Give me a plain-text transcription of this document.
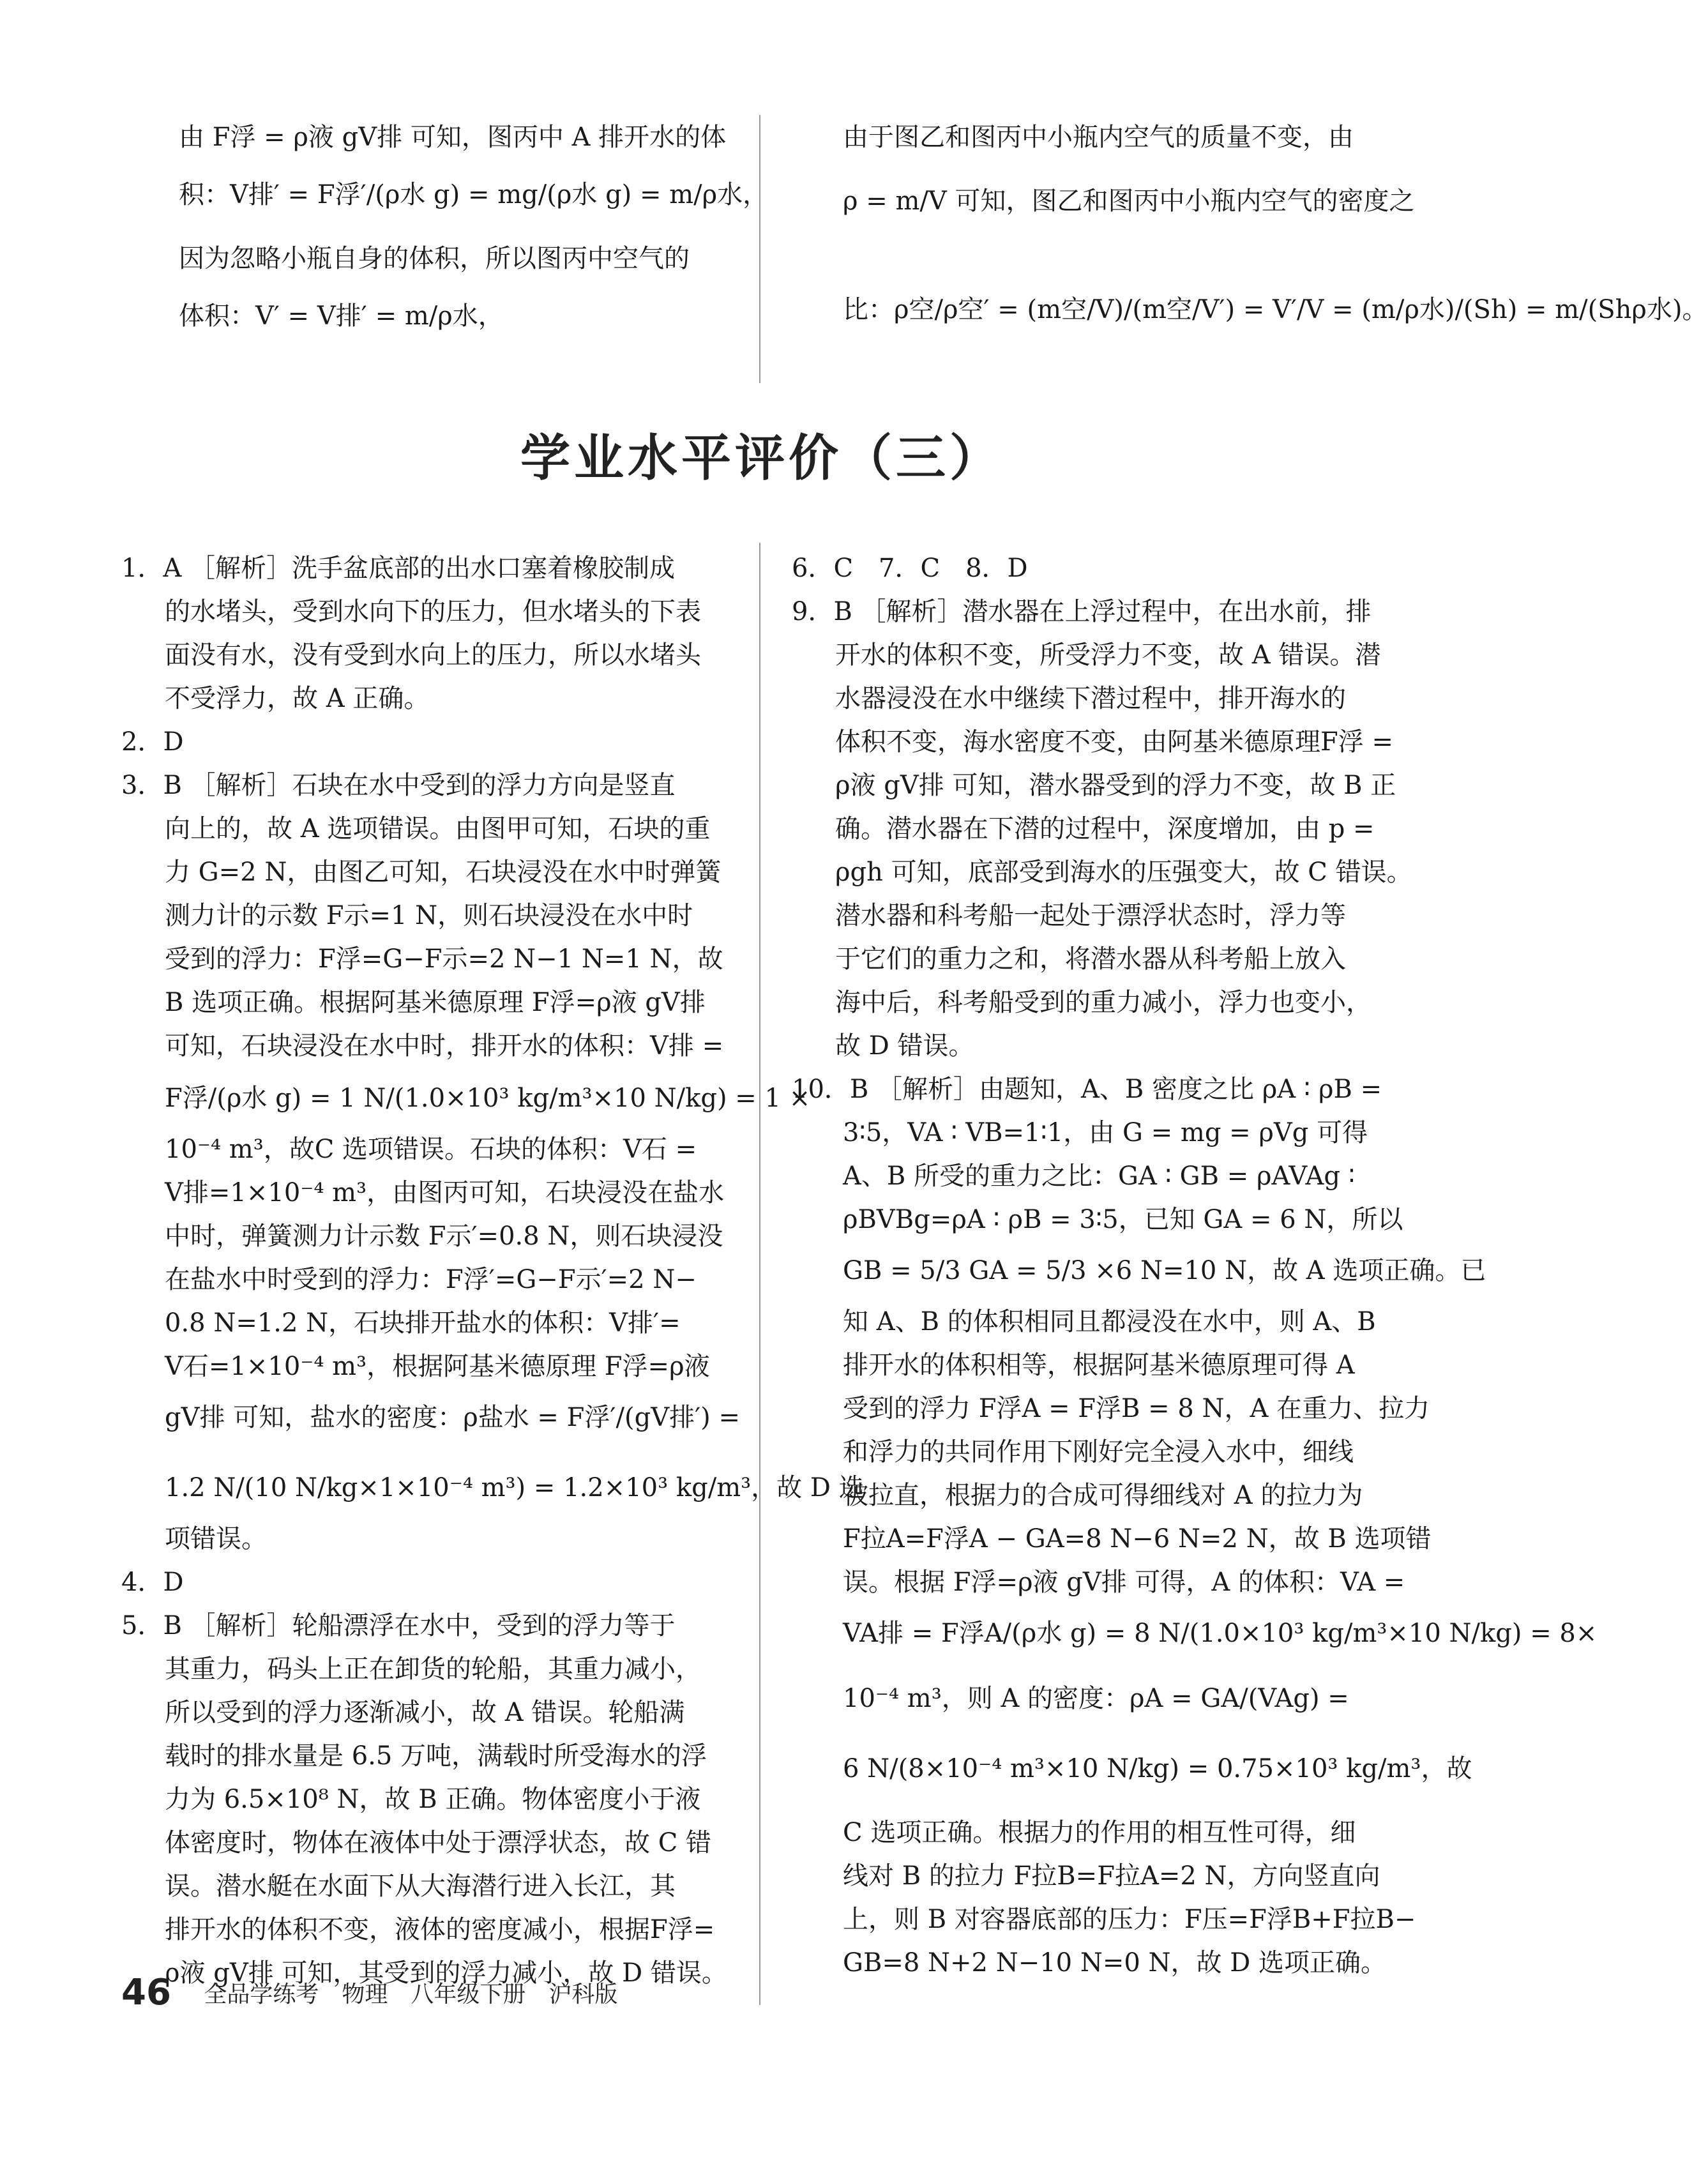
由 F浮 = ρ液 gV排 可知，图丙中 A 排开水的体
积：V排′ = F浮′/(ρ水 g) = mg/(ρ水 g) = m/ρ水，
因为忽略小瓶自身的体积，所以图丙中空气的
体积：V′ = V排′ = m/ρ水，
由于图乙和图丙中小瓶内空气的质量不变，由
ρ = m/V 可知，图乙和图丙中小瓶内空气的密度之
比：ρ空/ρ空′ = (m空/V)/(m空/V′) = V′/V = (m/ρ水)/(Sh) = m/(Shρ水)。
学业水平评价（三）
1．A ［解析］洗手盆底部的出水口塞着橡胶制成
的水堵头，受到水向下的压力，但水堵头的下表
面没有水，没有受到水向上的压力，所以水堵头
不受浮力，故 A 正确。
2．D
3．B ［解析］石块在水中受到的浮力方向是竖直
向上的，故 A 选项错误。由图甲可知，石块的重
力 G=2 N，由图乙可知，石块浸没在水中时弹簧
测力计的示数 F示=1 N，则石块浸没在水中时
受到的浮力：F浮=G−F示=2 N−1 N=1 N，故
B 选项正确。根据阿基米德原理 F浮=ρ液 gV排
可知，石块浸没在水中时，排开水的体积：V排 =
F浮/(ρ水 g) = 1 N/(1.0×10³ kg/m³×10 N/kg) = 1 ×
10⁻⁴ m³，故C 选项错误。石块的体积：V石 =
V排=1×10⁻⁴ m³，由图丙可知，石块浸没在盐水
中时，弹簧测力计示数 F示′=0.8 N，则石块浸没
在盐水中时受到的浮力：F浮′=G−F示′=2 N−
0.8 N=1.2 N，石块排开盐水的体积：V排′=
V石=1×10⁻⁴ m³，根据阿基米德原理 F浮=ρ液
gV排 可知，盐水的密度：ρ盐水 = F浮′/(gV排′) =
1.2 N/(10 N/kg×1×10⁻⁴ m³) = 1.2×10³ kg/m³，故 D 选
项错误。
4．D
5．B ［解析］轮船漂浮在水中，受到的浮力等于
其重力，码头上正在卸货的轮船，其重力减小，
所以受到的浮力逐渐减小，故 A 错误。轮船满
载时的排水量是 6.5 万吨，满载时所受海水的浮
力为 6.5×10⁸ N，故 B 正确。物体密度小于液
体密度时，物体在液体中处于漂浮状态，故 C 错
误。潜水艇在水面下从大海潜行进入长江，其
排开水的体积不变，液体的密度减小，根据F浮=
ρ液 gV排 可知，其受到的浮力减小，故 D 错误。
6．C　7．C　8．D
9．B ［解析］潜水器在上浮过程中，在出水前，排
开水的体积不变，所受浮力不变，故 A 错误。潜
水器浸没在水中继续下潜过程中，排开海水的
体积不变，海水密度不变，由阿基米德原理F浮 =
ρ液 gV排 可知，潜水器受到的浮力不变，故 B 正
确。潜水器在下潜的过程中，深度增加，由 p =
ρgh 可知，底部受到海水的压强变大，故 C 错误。
潜水器和科考船一起处于漂浮状态时，浮力等
于它们的重力之和，将潜水器从科考船上放入
海中后，科考船受到的重力减小，浮力也变小，
故 D 错误。
10．B ［解析］由题知，A、B 密度之比 ρA ∶ ρB =
3∶5，VA ∶ VB=1∶1，由 G = mg = ρVg 可得
A、B 所受的重力之比：GA ∶ GB = ρAVAg ∶
ρBVBg=ρA ∶ ρB = 3∶5，已知 GA = 6 N，所以
GB = 5/3 GA = 5/3 ×6 N=10 N，故 A 选项正确。已
知 A、B 的体积相同且都浸没在水中，则 A、B
排开水的体积相等，根据阿基米德原理可得 A
受到的浮力 F浮A = F浮B = 8 N，A 在重力、拉力
和浮力的共同作用下刚好完全浸入水中，细线
被拉直，根据力的合成可得细线对 A 的拉力为
F拉A=F浮A − GA=8 N−6 N=2 N，故 B 选项错
误。根据 F浮=ρ液 gV排 可得，A 的体积：VA =
VA排 = F浮A/(ρ水 g) = 8 N/(1.0×10³ kg/m³×10 N/kg) = 8×
10⁻⁴ m³，则 A 的密度：ρA = GA/(VAg) =
6 N/(8×10⁻⁴ m³×10 N/kg) = 0.75×10³ kg/m³，故
C 选项正确。根据力的作用的相互性可得，细
线对 B 的拉力 F拉B=F拉A=2 N，方向竖直向
上，则 B 对容器底部的压力：F压=F浮B+F拉B−
GB=8 N+2 N−10 N=0 N，故 D 选项正确。
46 全品学练考　物理　八年级下册　沪科版
